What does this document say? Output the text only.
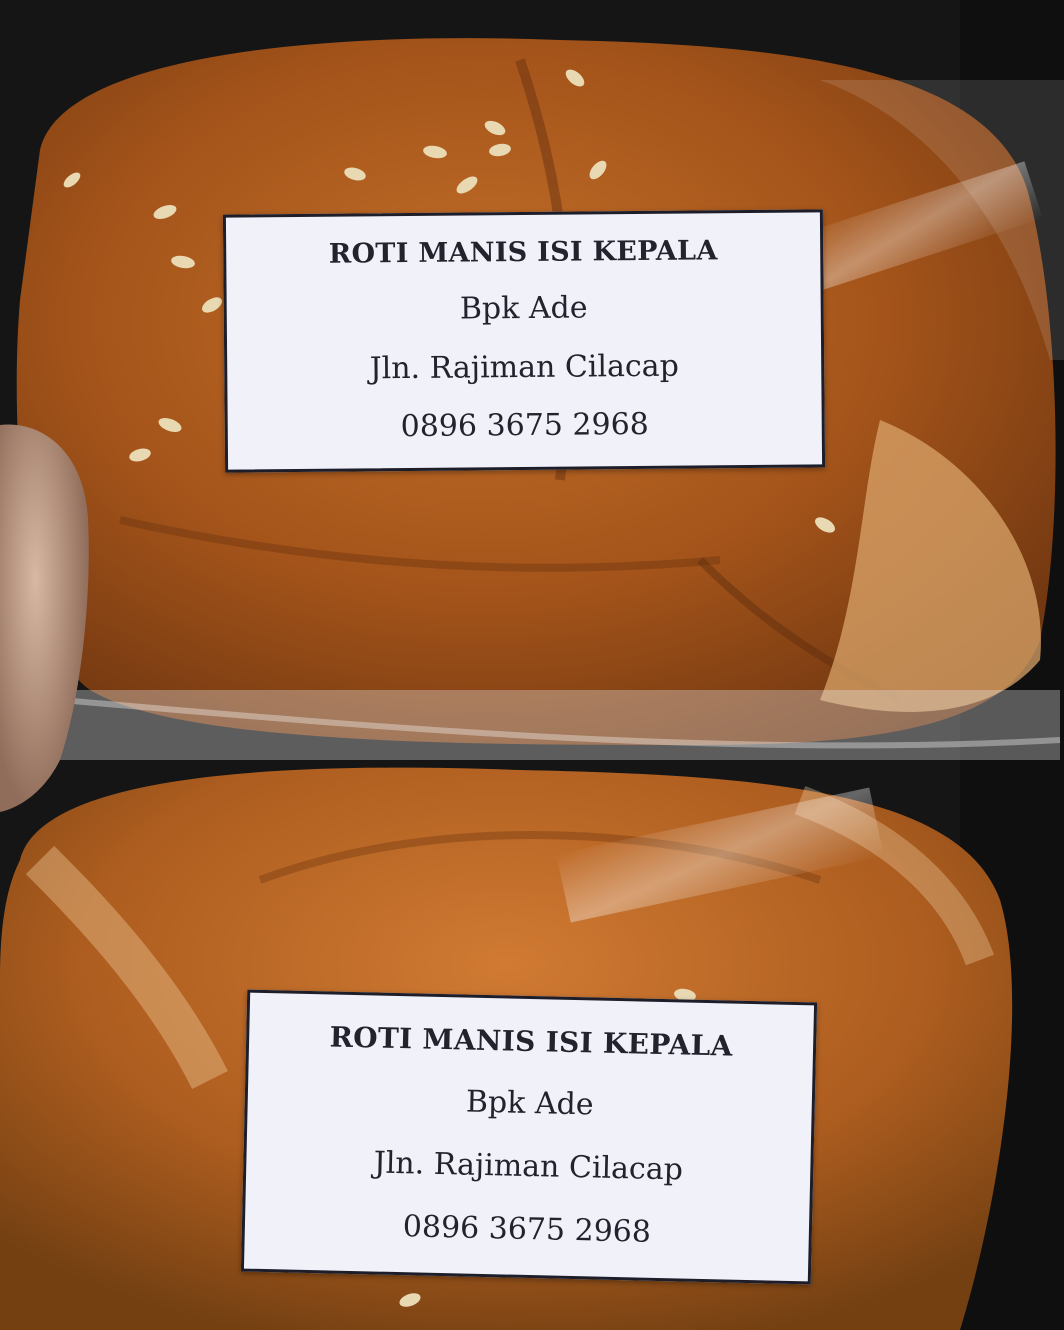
ROTI MANIS ISI KEPALA
Bpk Ade
Jln. Rajiman Cilacap
0896 3675 2968
ROTI MANIS ISI KEPALA
Bpk Ade
Jln. Rajiman Cilacap
0896 3675 2968
